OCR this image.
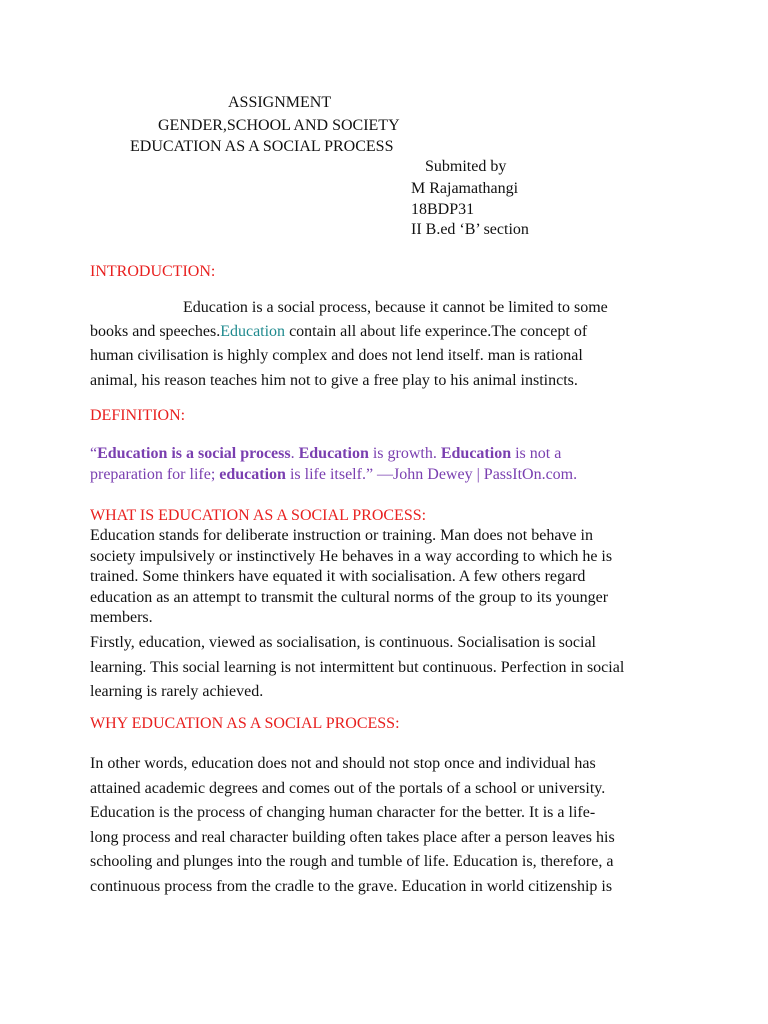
ASSIGNMENT
GENDER,SCHOOL AND SOCIETY
EDUCATION AS A SOCIAL PROCESS
Submited by
M Rajamathangi
18BDP31
II B.ed ‘B’ section
INTRODUCTION:
Education is a social process, because it cannot be limited to some
books and speeches.Education contain all about life experince.The concept of
human civilisation is highly complex and does not lend itself. man is rational
animal, his reason teaches him not to give a free play to his animal instincts.
DEFINITION:
“Education is a social process. Education is growth. Education is not a
preparation for life; education is life itself.” —John Dewey | PassItOn.com.
WHAT IS EDUCATION AS A SOCIAL PROCESS:
Education stands for deliberate instruction or training. Man does not behave in
society impulsively or instinctively He behaves in a way according to which he is
trained. Some thinkers have equated it with socialisation. A few others regard
education as an attempt to transmit the cultural norms of the group to its younger
members.
Firstly, education, viewed as socialisation, is continuous. Socialisation is social
learning. This social learning is not intermittent but continuous. Perfection in social
learning is rarely achieved.
WHY EDUCATION AS A SOCIAL PROCESS:
In other words, education does not and should not stop once and individual has
attained academic degrees and comes out of the portals of a school or university.
Education is the process of changing human character for the better. It is a life-
long process and real character building often takes place after a person leaves his
schooling and plunges into the rough and tumble of life. Education is, therefore, a
continuous process from the cradle to the grave. Education in world citizenship is
